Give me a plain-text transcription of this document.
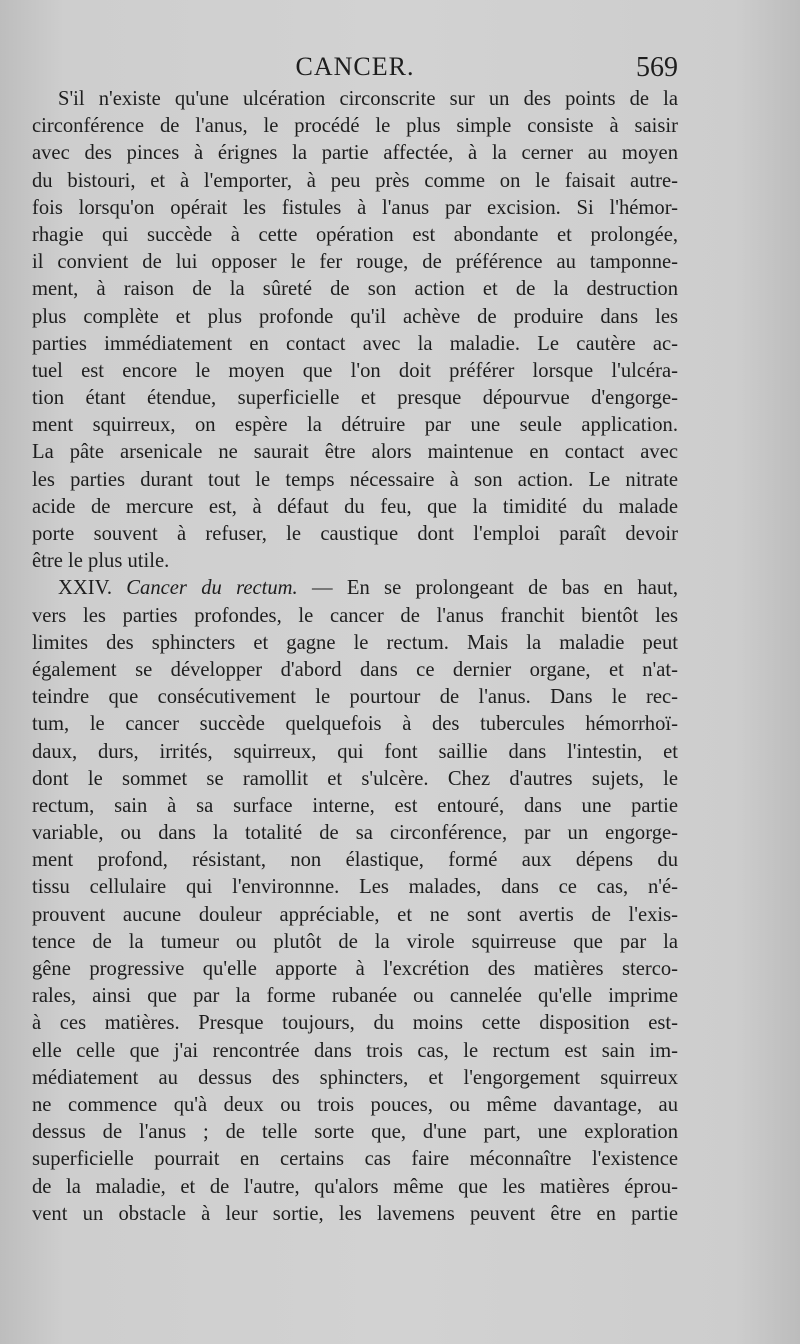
CANCER.	569
S'il n'existe qu'une ulcération circonscrite sur un des points de la
circonférence de l'anus, le procédé le plus simple consiste à saisir
avec des pinces à érignes la partie affectée, à la cerner au moyen
du bistouri, et à l'emporter, à peu près comme on le faisait autre-
fois lorsqu'on opérait les fistules à l'anus par excision. Si l'hémor-
rhagie qui succède à cette opération est abondante et prolongée,
il convient de lui opposer le fer rouge, de préférence au tamponne-
ment, à raison de la sûreté de son action et de la destruction
plus complète et plus profonde qu'il achève de produire dans les
parties immédiatement en contact avec la maladie. Le cautère ac-
tuel est encore le moyen que l'on doit préférer lorsque l'ulcéra-
tion étant étendue, superficielle et presque dépourvue d'engorge-
ment squirreux, on espère la détruire par une seule application.
La pâte arsenicale ne saurait être alors maintenue en contact avec
les parties durant tout le temps nécessaire à son action. Le nitrate
acide de mercure est, à défaut du feu, que la timidité du malade
porte souvent à refuser, le caustique dont l'emploi paraît devoir
être le plus utile.
XXIV. Cancer du rectum. — En se prolongeant de bas en haut,
vers les parties profondes, le cancer de l'anus franchit bientôt les
limites des sphincters et gagne le rectum. Mais la maladie peut
également se développer d'abord dans ce dernier organe, et n'at-
teindre que consécutivement le pourtour de l'anus. Dans le rec-
tum, le cancer succède quelquefois à des tubercules hémorrhoï-
daux, durs, irrités, squirreux, qui font saillie dans l'intestin, et
dont le sommet se ramollit et s'ulcère. Chez d'autres sujets, le
rectum, sain à sa surface interne, est entouré, dans une partie
variable, ou dans la totalité de sa circonférence, par un engorge-
ment profond, résistant, non élastique, formé aux dépens du
tissu cellulaire qui l'environnne. Les malades, dans ce cas, n'é-
prouvent aucune douleur appréciable, et ne sont avertis de l'exis-
tence de la tumeur ou plutôt de la virole squirreuse que par la
gêne progressive qu'elle apporte à l'excrétion des matières sterco-
rales, ainsi que par la forme rubanée ou cannelée qu'elle imprime
à ces matières. Presque toujours, du moins cette disposition est-
elle celle que j'ai rencontrée dans trois cas, le rectum est sain im-
médiatement au dessus des sphincters, et l'engorgement squirreux
ne commence qu'à deux ou trois pouces, ou même davantage, au
dessus de l'anus ; de telle sorte que, d'une part, une exploration
superficielle pourrait en certains cas faire méconnaître l'existence
de la maladie, et de l'autre, qu'alors même que les matières éprou-
vent un obstacle à leur sortie, les lavemens peuvent être en partie
